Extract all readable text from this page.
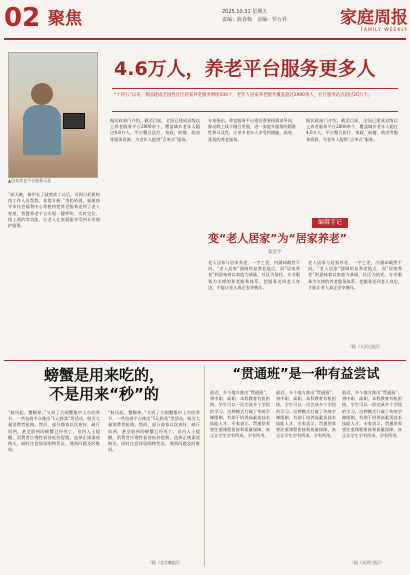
02 聚焦	家庭周报
FAMILY WEEKLY
2025.10.31 星期五
责编：陈春梅　美编：罗万祥
4.6万人，养老平台服务更多人
▲居家养老平台服务示意
“十四五”以来，我国建成全国性社区居家养老服务网络500个，老年人居家养老服务覆盖超过2990余人，社区服务站点超过20万个。
“前天晚，指甲长了就剪夜了以后，可到日托机构找工作人员帮我，非常方便。”李奶奶说，福建南平市社会福利中心等机构把养老服务送到了老人家里。智慧养老平台实现一键呼叫、实时定位、线上预约等功能，让老人在家就能享受到专业照护服务。
据民政部门介绍，截至目前，全国已建成县级以上养老服务平台2800余个，覆盖城乡老年人超过4.6万人。平台整合医疗、家政、助餐、助浴等服务资源，为老年人提供“点单式”服务。
专家指出，养老服务平台建设要坚持需求导向，推动线上线下融合发展，进一步提升服务的精准性和可及性，让更多老年人享受到便捷、高效、优质的养老服务。
据民政部门介绍，截至目前，全国已建成县级以上养老服务平台2800余个，覆盖城乡老年人超过4.6万人。平台整合医疗、家政、助餐、助浴等服务资源，为老年人提供“点单式”服务。
编辑手记
变“老人居家”为“居家养老”
张宏宇
老人居家与居家养老，一字之差，内涵却截然不同。“老人居家”强调的是养老地点，而“居家养老”则意味着以家庭为基础、社区为依托、专业服务为支撑的养老服务体系。把服务送到老人身边，才能让老人真正安享晚年。
老人居家与居家养老，一字之差，内涵却截然不同。“老人居家”强调的是养老地点，而“居家养老”则意味着以家庭为基础、社区为依托、专业服务为支撑的养老服务体系。把服务送到老人身边，才能让老人真正安享晚年。
（据《人民日报》）
螃蟹是用来吃的，
不是用来“秒”的
“秋风起，蟹脚痒。”又到了大闸蟹集中上市的季节，一些电商平台推出“1元秒杀”等活动，吸引大量消费者抢购。然而，部分商家以次充好、缺斤短两，甚至收到的螃蟹已经死亡。业内人士提醒，消费者应理性看待低价促销，选择正规渠道购买，同时注意保留购物凭证，遇到问题及时维权。
“秋风起，蟹脚痒。”又到了大闸蟹集中上市的季节，一些电商平台推出“1元秒杀”等活动，吸引大量消费者抢购。然而，部分商家以次充好、缺斤短两，甚至收到的螃蟹已经死亡。业内人士提醒，消费者应理性看待低价促销，选择正规渠道购买，同时注意保留购物凭证，遇到问题及时维权。
（据《北京晚报》）
“贯通班”是一种有益尝试
最近，多个地方推出“贯通班”，将中职、高职、本科教育有机衔接，学生可以一次完成多个学段的学习。这种模式打破了传统学制限制，有助于培养高素质技术技能人才。专家表示，贯通培养要注重课程衔接和质量保障，真正让学生学有所成、学有所用。
最近，多个地方推出“贯通班”，将中职、高职、本科教育有机衔接，学生可以一次完成多个学段的学习。这种模式打破了传统学制限制，有助于培养高素质技术技能人才。专家表示，贯通培养要注重课程衔接和质量保障，真正让学生学有所成、学有所用。
最近，多个地方推出“贯通班”，将中职、高职、本科教育有机衔接，学生可以一次完成多个学段的学习。这种模式打破了传统学制限制，有助于培养高素质技术技能人才。专家表示，贯通培养要注重课程衔接和质量保障，真正让学生学有所成、学有所用。
（据《光明日报》）
